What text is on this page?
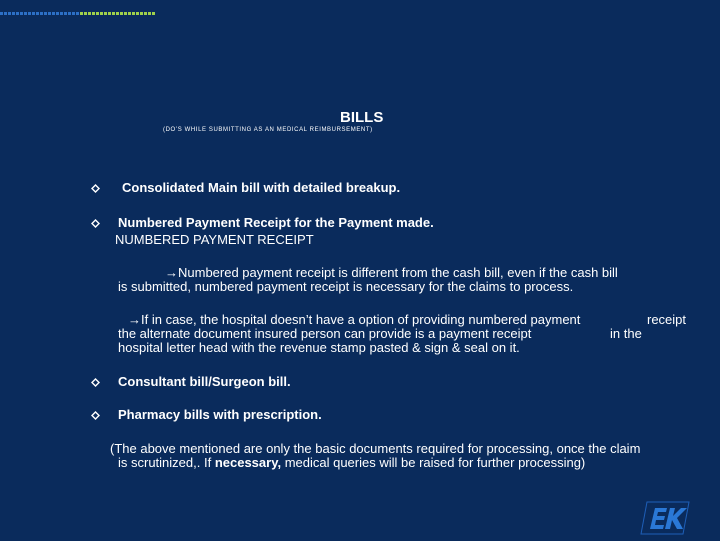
BILLS
(DO’S WHILE SUBMITTING AS AN MEDICAL REIMBURSEMENT)
Consolidated Main bill with detailed breakup.
Numbered Payment Receipt for the Payment made.
NUMBERED PAYMENT RECEIPT
→Numbered payment receipt is different from the cash bill, even if the cash bill
is submitted, numbered payment receipt is necessary for the claims to process.
→If in case, the hospital doesn’t have a option of providing numbered payment	receipt
the alternate document insured person can provide is a payment receipt	in the
hospital letter head with the revenue stamp pasted & sign & seal on it.
Consultant bill/Surgeon bill.
Pharmacy bills with prescription.
(The above mentioned are only the basic documents required for processing, once the claim
is scrutinized,. If necessary, medical queries will be raised for further processing)
